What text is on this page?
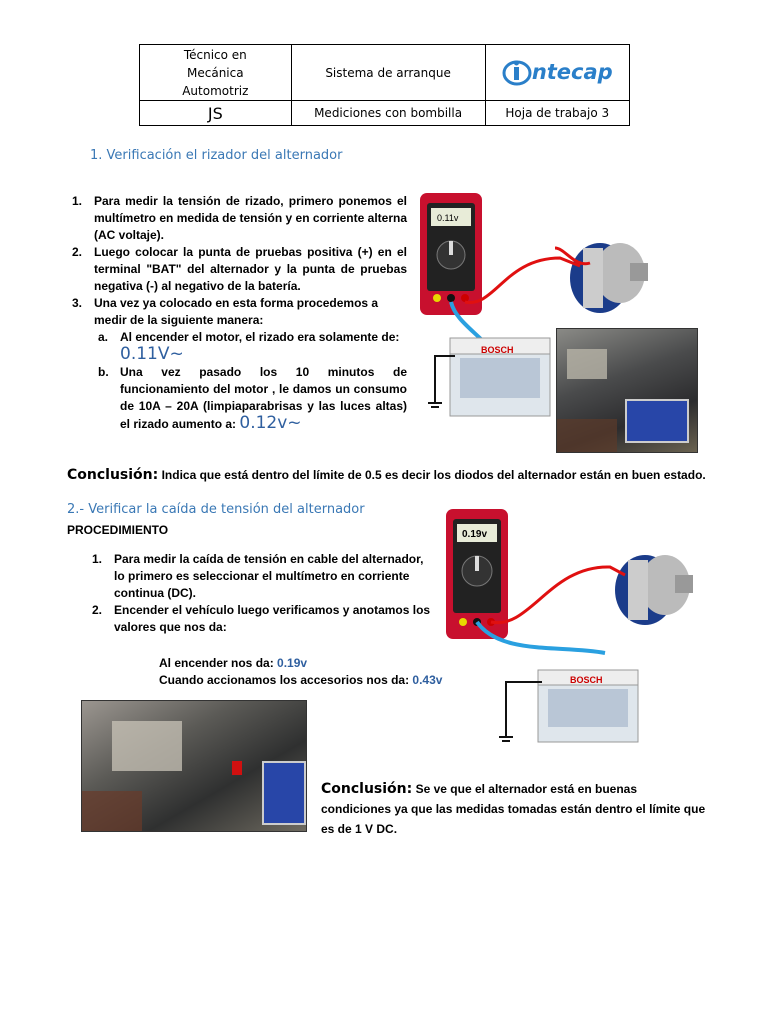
Técnico en Mecánica Automotriz	Sistema de arranque	ntecap
JS	Mediciones con bombilla	Hoja de trabajo 3
1. Verificación el rizador del alternador
1. Para medir la tensión de rizado, primero ponemos el multímetro en medida de tensión y en corriente alterna (AC voltaje).
2. Luego colocar la punta de pruebas positiva (+) en el terminal "BAT" del alternador y la punta de pruebas negativa (-) al negativo de la batería.
3. Una vez ya colocado en esta forma procedemos a medir de la siguiente manera:
a. Al encender el motor, el rizado era solamente de:
0.11V~
b. Una vez pasado los 10 minutos de funcionamiento del motor , le damos un consumo de 10A – 20A (limpiaparabrisas y las luces altas) el rizado aumento a: 0.12v~
0.11v
BOSCH
Conclusión: Indica que está dentro del límite de 0.5 es decir los diodos del alternador están en buen estado.
2.- Verificar la caída de tensión del alternador
PROCEDIMIENTO
1. Para medir la caída de tensión en cable del alternador, lo primero es seleccionar el multímetro en corriente continua (DC).
2. Encender el vehículo luego verificamos y anotamos los valores que nos da:
Al encender nos da: 0.19v
Cuando accionamos los accesorios nos da: 0.43v
0.19v
BOSCH
Conclusión: Se ve que el alternador está en buenas condiciones ya que las medidas tomadas están dentro el límite que es de 1 V DC.
